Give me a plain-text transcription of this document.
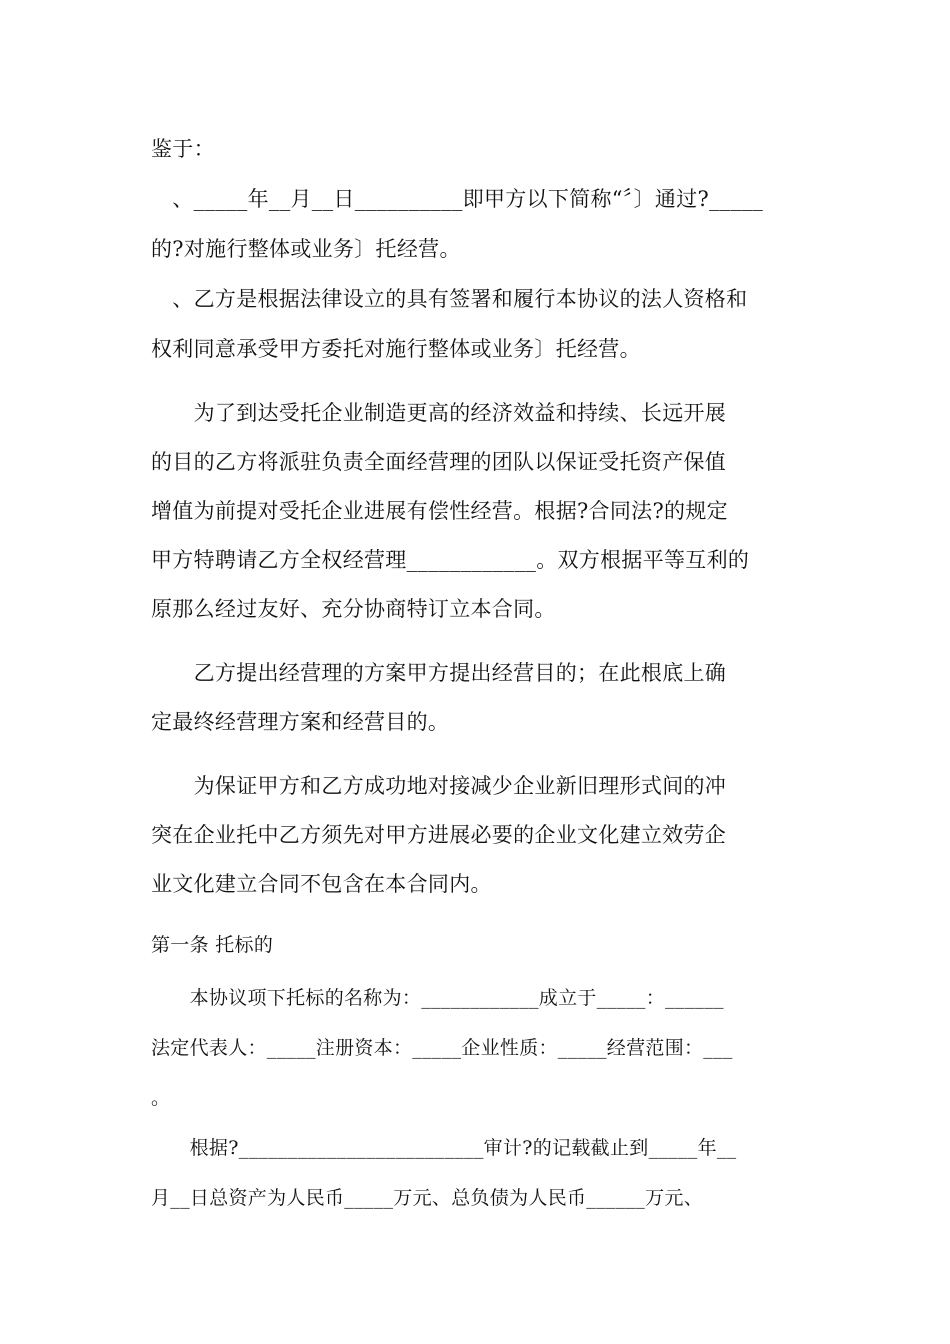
鉴于：

　、_____年__月__日__________即甲方以下简称“〞〕通过?_____

的?对施行整体或业务〕托经营。

　、乙方是根据法律设立的具有签署和履行本协议的法人资格和

权利同意承受甲方委托对施行整体或业务〕托经营。

　　为了到达受托企业制造更高的经济效益和持续、长远开展

的目的乙方将派驻负责全面经营理的团队以保证受托资产保值

增值为前提对受托企业进展有偿性经营。根据?合同法?的规定

甲方特聘请乙方全权经营理____________。双方根据平等互利的

原那么经过友好、充分协商特订立本合同。

　　乙方提出经营理的方案甲方提出经营目的；在此根底上确

定最终经营理方案和经营目的。

　　为保证甲方和乙方成功地对接减少企业新旧理形式间的冲

突在企业托中乙方须先对甲方进展必要的企业文化建立效劳企

业文化建立合同不包含在本合同内。

第一条 托标的

　　本协议项下托标的名称为：____________成立于_____：______

法定代表人：_____注册资本：_____企业性质：_____经营范围：___

。

　　根据?_________________________审计?的记载截止到_____年__

月__日总资产为人民币_____万元、总负债为人民币______万元、
